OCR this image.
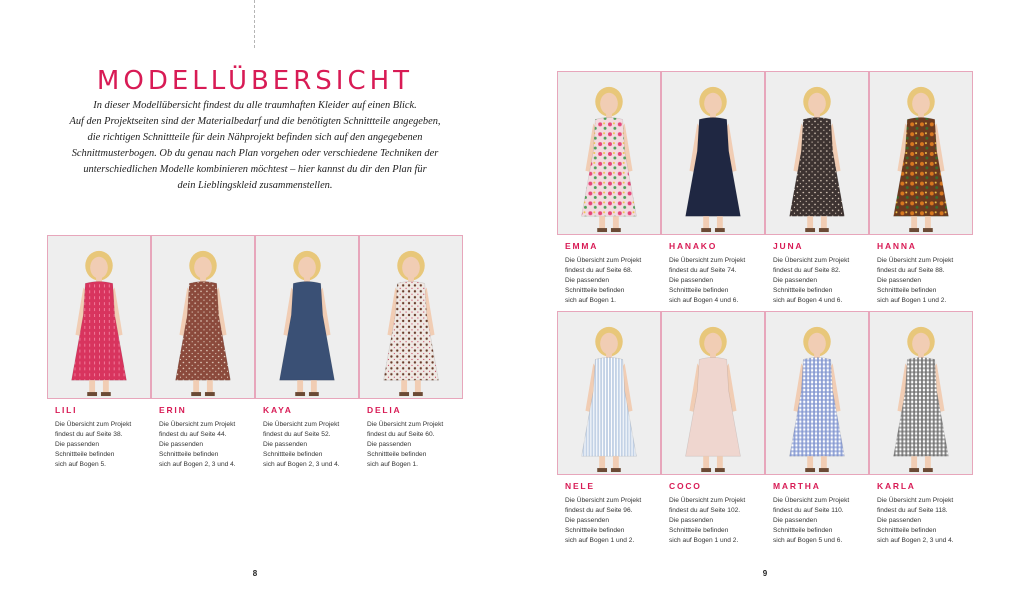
MODELLÜBERSICHT
In dieser Modellübersicht findest du alle traumhaften Kleider auf einen Blick.
Auf den Projektseiten sind der Materialbedarf und die benötigten Schnittteile angegeben,
die richtigen Schnittteile für dein Nähprojekt befinden sich auf den angegebenen
Schnittmusterbogen. Ob du genau nach Plan vorgehen oder verschiedene Techniken der
unterschiedlichen Modelle kombinieren möchtest – hier kannst du dir den Plan für
dein Lieblingskleid zusammenstellen.
LILI
Die Übersicht zum Projekt
findest du auf Seite 38.
Die passenden
Schnittteile befinden
sich auf Bogen 5.
ERIN
Die Übersicht zum Projekt
findest du auf Seite 44.
Die passenden
Schnittteile befinden
sich auf Bogen 2, 3 und 4.
KAYA
Die Übersicht zum Projekt
findest du auf Seite 52.
Die passenden
Schnittteile befinden
sich auf Bogen 2, 3 und 4.
DELIA
Die Übersicht zum Projekt
findest du auf Seite 60.
Die passenden
Schnittteile befinden
sich auf Bogen 1.
EMMA
Die Übersicht zum Projekt
findest du auf Seite 68.
Die passenden
Schnittteile befinden
sich auf Bogen 1.
HANAKO
Die Übersicht zum Projekt
findest du auf Seite 74.
Die passenden
Schnittteile befinden
sich auf Bogen 4 und 6.
JUNA
Die Übersicht zum Projekt
findest du auf Seite 82.
Die passenden
Schnittteile befinden
sich auf Bogen 4 und 6.
HANNA
Die Übersicht zum Projekt
findest du auf Seite 88.
Die passenden
Schnittteile befinden
sich auf Bogen 1 und 2.
NELE
Die Übersicht zum Projekt
findest du auf Seite 96.
Die passenden
Schnittteile befinden
sich auf Bogen 1 und 2.
COCO
Die Übersicht zum Projekt
findest du auf Seite 102.
Die passenden
Schnittteile befinden
sich auf Bogen 1 und 2.
MARTHA
Die Übersicht zum Projekt
findest du auf Seite 110.
Die passenden
Schnittteile befinden
sich auf Bogen 5 und 6.
KARLA
Die Übersicht zum Projekt
findest du auf Seite 118.
Die passenden
Schnittteile befinden
sich auf Bogen 2, 3 und 4.
8	9
